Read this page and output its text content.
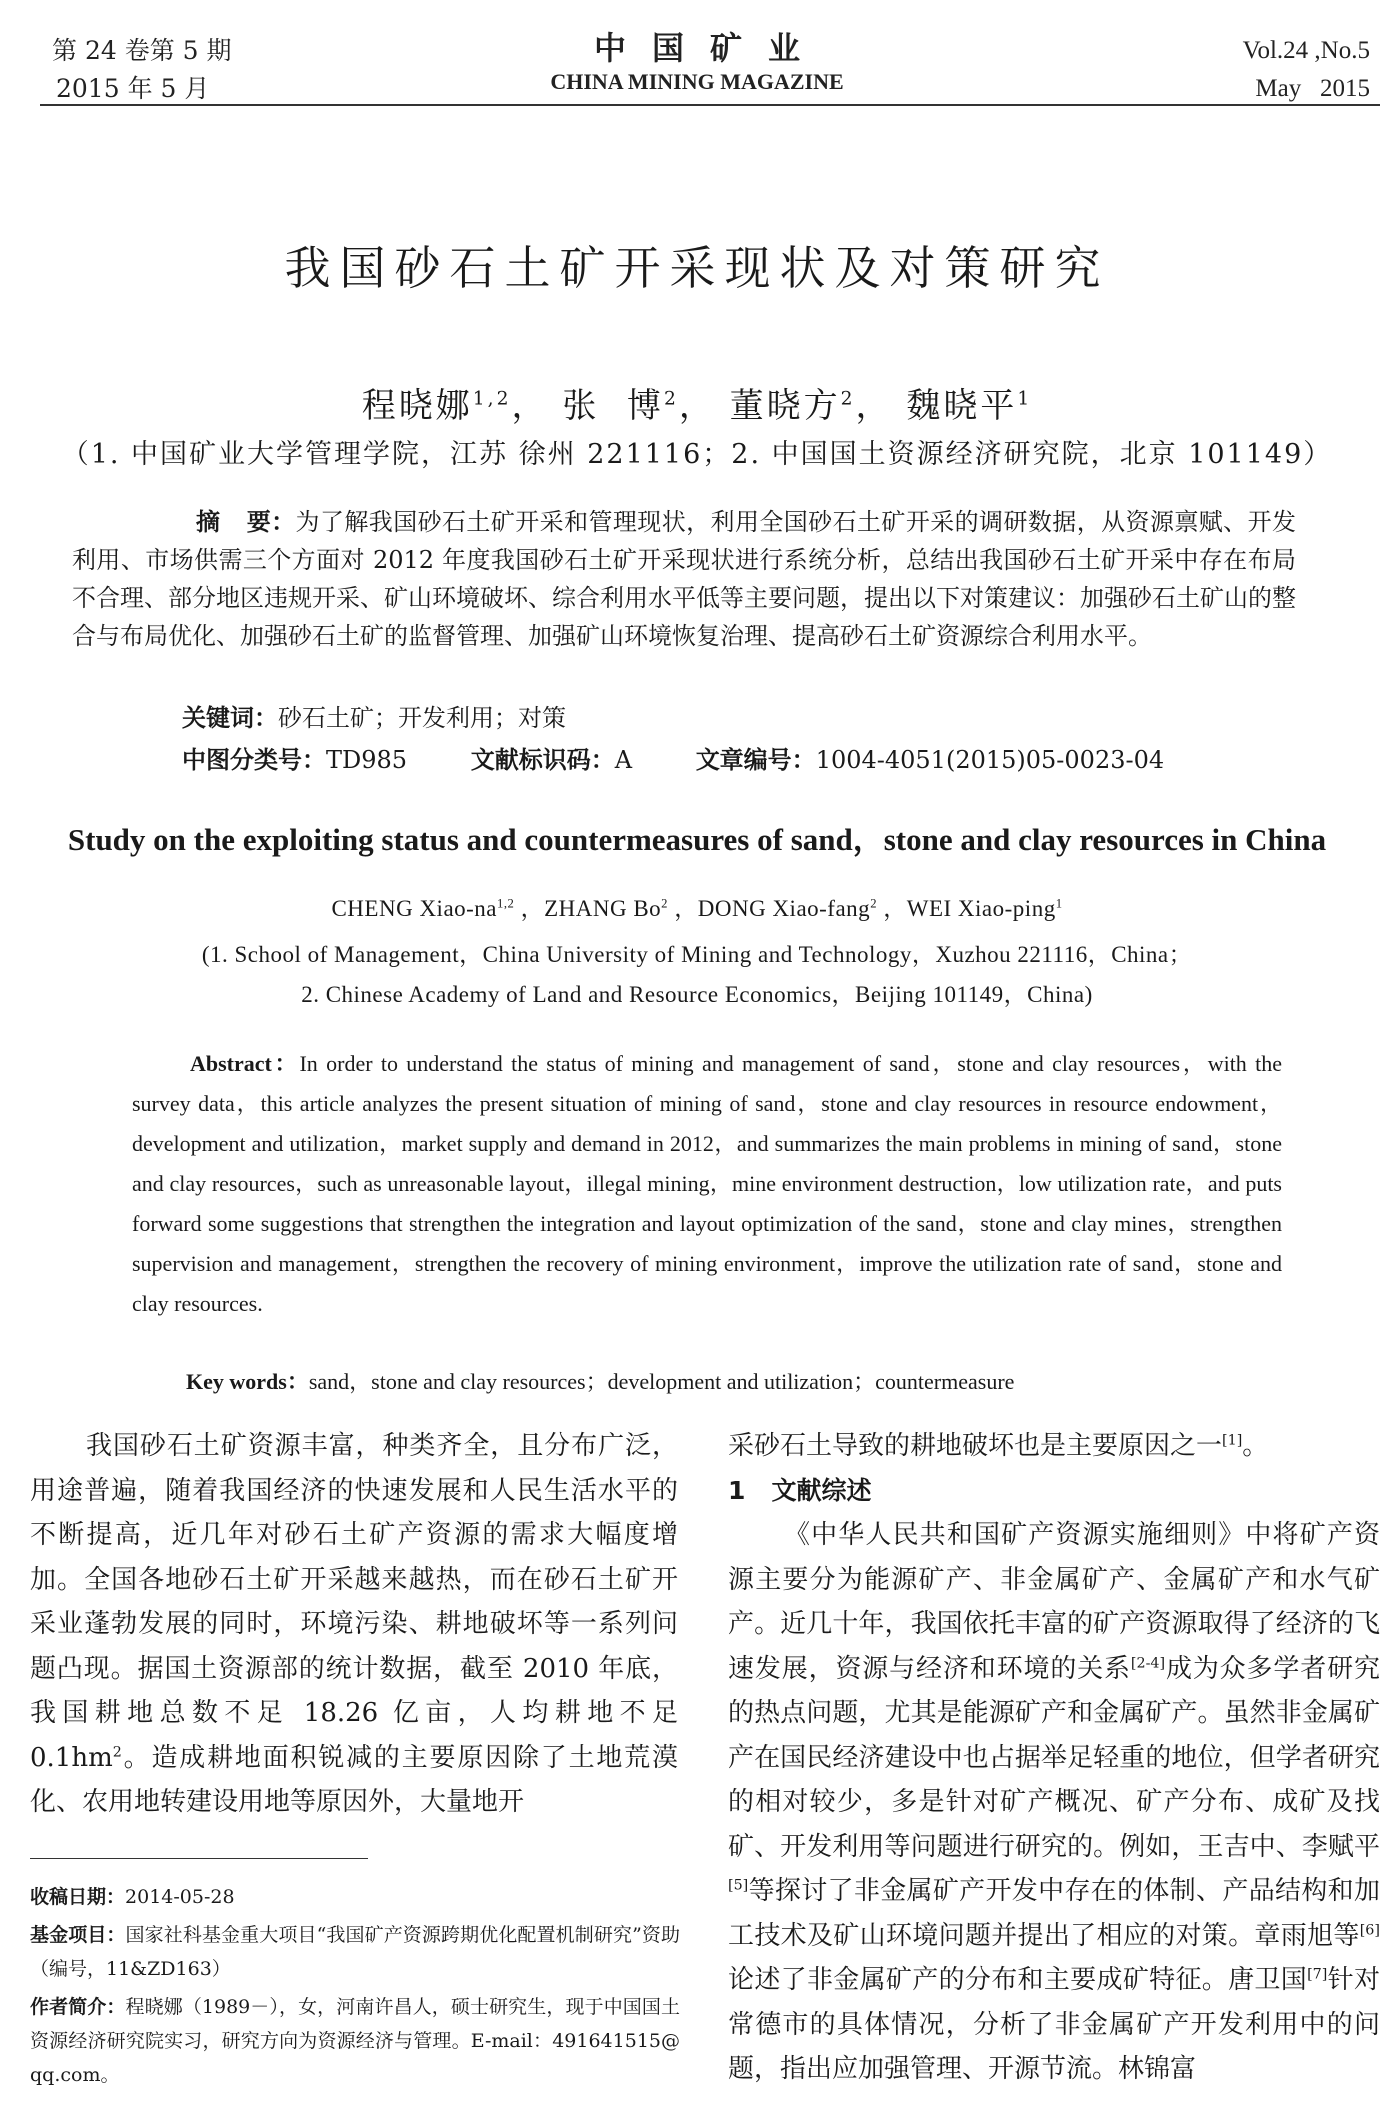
第 24 卷第 5 期
2015 年 5 月
中国矿业
CHINA MINING MAGAZINE
Vol.24 ,No.5
May   2015
我国砂石土矿开采现状及对策研究
程晓娜$^{1,2}$， 张  博$^2$， 董晓方$^2$， 魏晓平$^1$
（1. 中国矿业大学管理学院，江苏 徐州 221116；2. 中国国土资源经济研究院，北京 101149）
摘   要：为了解我国砂石土矿开采和管理现状，利用全国砂石土矿开采的调研数据，从资源禀赋、开发利用、市场供需三个方面对 2012 年度我国砂石土矿开采现状进行系统分析，总结出我国砂石土矿开采中存在布局不合理、部分地区违规开采、矿山环境破坏、综合利用水平低等主要问题，提出以下对策建议：加强砂石土矿山的整合与布局优化、加强砂石土矿的监督管理、加强矿山环境恢复治理、提高砂石土矿资源综合利用水平。
关键词：砂石土矿；开发利用；对策
中图分类号：TD985	文献标识码：A	文章编号：1004-4051(2015)05-0023-04
Study on the exploiting status and countermeasures of sand，stone and clay resources in China
CHENG Xiao-na$^{1,2}$ ，ZHANG Bo$^2$ ，DONG Xiao-fang$^2$ ，WEI Xiao-ping$^1$
(1. School of Management，China University of Mining and Technology，Xuzhou 221116，China；
2. Chinese Academy of Land and Resource Economics，Beijing 101149，China)
Abstract：In order to understand the status of mining and management of sand，stone and clay resources，with the survey data，this article analyzes the present situation of mining of sand，stone and clay resources in resource endowment，development and utilization，market supply and demand in 2012，and summarizes the main problems in mining of sand，stone and clay resources，such as unreasonable layout，illegal mining，mine environment destruction，low utilization rate，and puts forward some suggestions that strengthen the integration and layout optimization of the sand，stone and clay mines，strengthen supervision and management，strengthen the recovery of mining environment，improve the utilization rate of sand，stone and clay resources.
Key words：sand，stone and clay resources；development and utilization；countermeasure
我国砂石土矿资源丰富，种类齐全，且分布广泛，用途普遍，随着我国经济的快速发展和人民生活水平的不断提高，近几年对砂石土矿产资源的需求大幅度增加。全国各地砂石土矿开采越来越热，而在砂石土矿开采业蓬勃发展的同时，环境污染、耕地破坏等一系列问题凸现。据国土资源部的统计数据，截至 2010 年底，我国耕地总数不足 18.26 亿亩，人均耕地不足 $0.1hm^2$。造成耕地面积锐减的主要原因除了土地荒漠化、农用地转建设用地等原因外，大量地开

收稿日期：2014-05-28

基金项目：国家社科基金重大项目“我国矿产资源跨期优化配置机制研究”资助（编号，11&ZD163）

作者简介：程晓娜（1989－），女，河南许昌人，硕士研究生，现于中国国土资源经济研究院实习，研究方向为资源经济与管理。E-mail：491641515@ qq.com。

采砂石土导致的耕地破坏也是主要原因之一[1]。

1   文献综述

《中华人民共和国矿产资源实施细则》中将矿产资源主要分为能源矿产、非金属矿产、金属矿产和水气矿产。近几十年，我国依托丰富的矿产资源取得了经济的飞速发展，资源与经济和环境的关系[2-4]成为众多学者研究的热点问题，尤其是能源矿产和金属矿产。虽然非金属矿产在国民经济建设中也占据举足轻重的地位，但学者研究的相对较少，多是针对矿产概况、矿产分布、成矿及找矿、开发利用等问题进行研究的。例如，王吉中、李赋平[5]等探讨了非金属矿产开发中存在的体制、产品结构和加工技术及矿山环境问题并提出了相应的对策。章雨旭等[6]论述了非金属矿产的分布和主要成矿特征。唐卫国[7]针对常德市的具体情况，分析了非金属矿产开发利用中的问题，指出应加强管理、开源节流。林锦富
